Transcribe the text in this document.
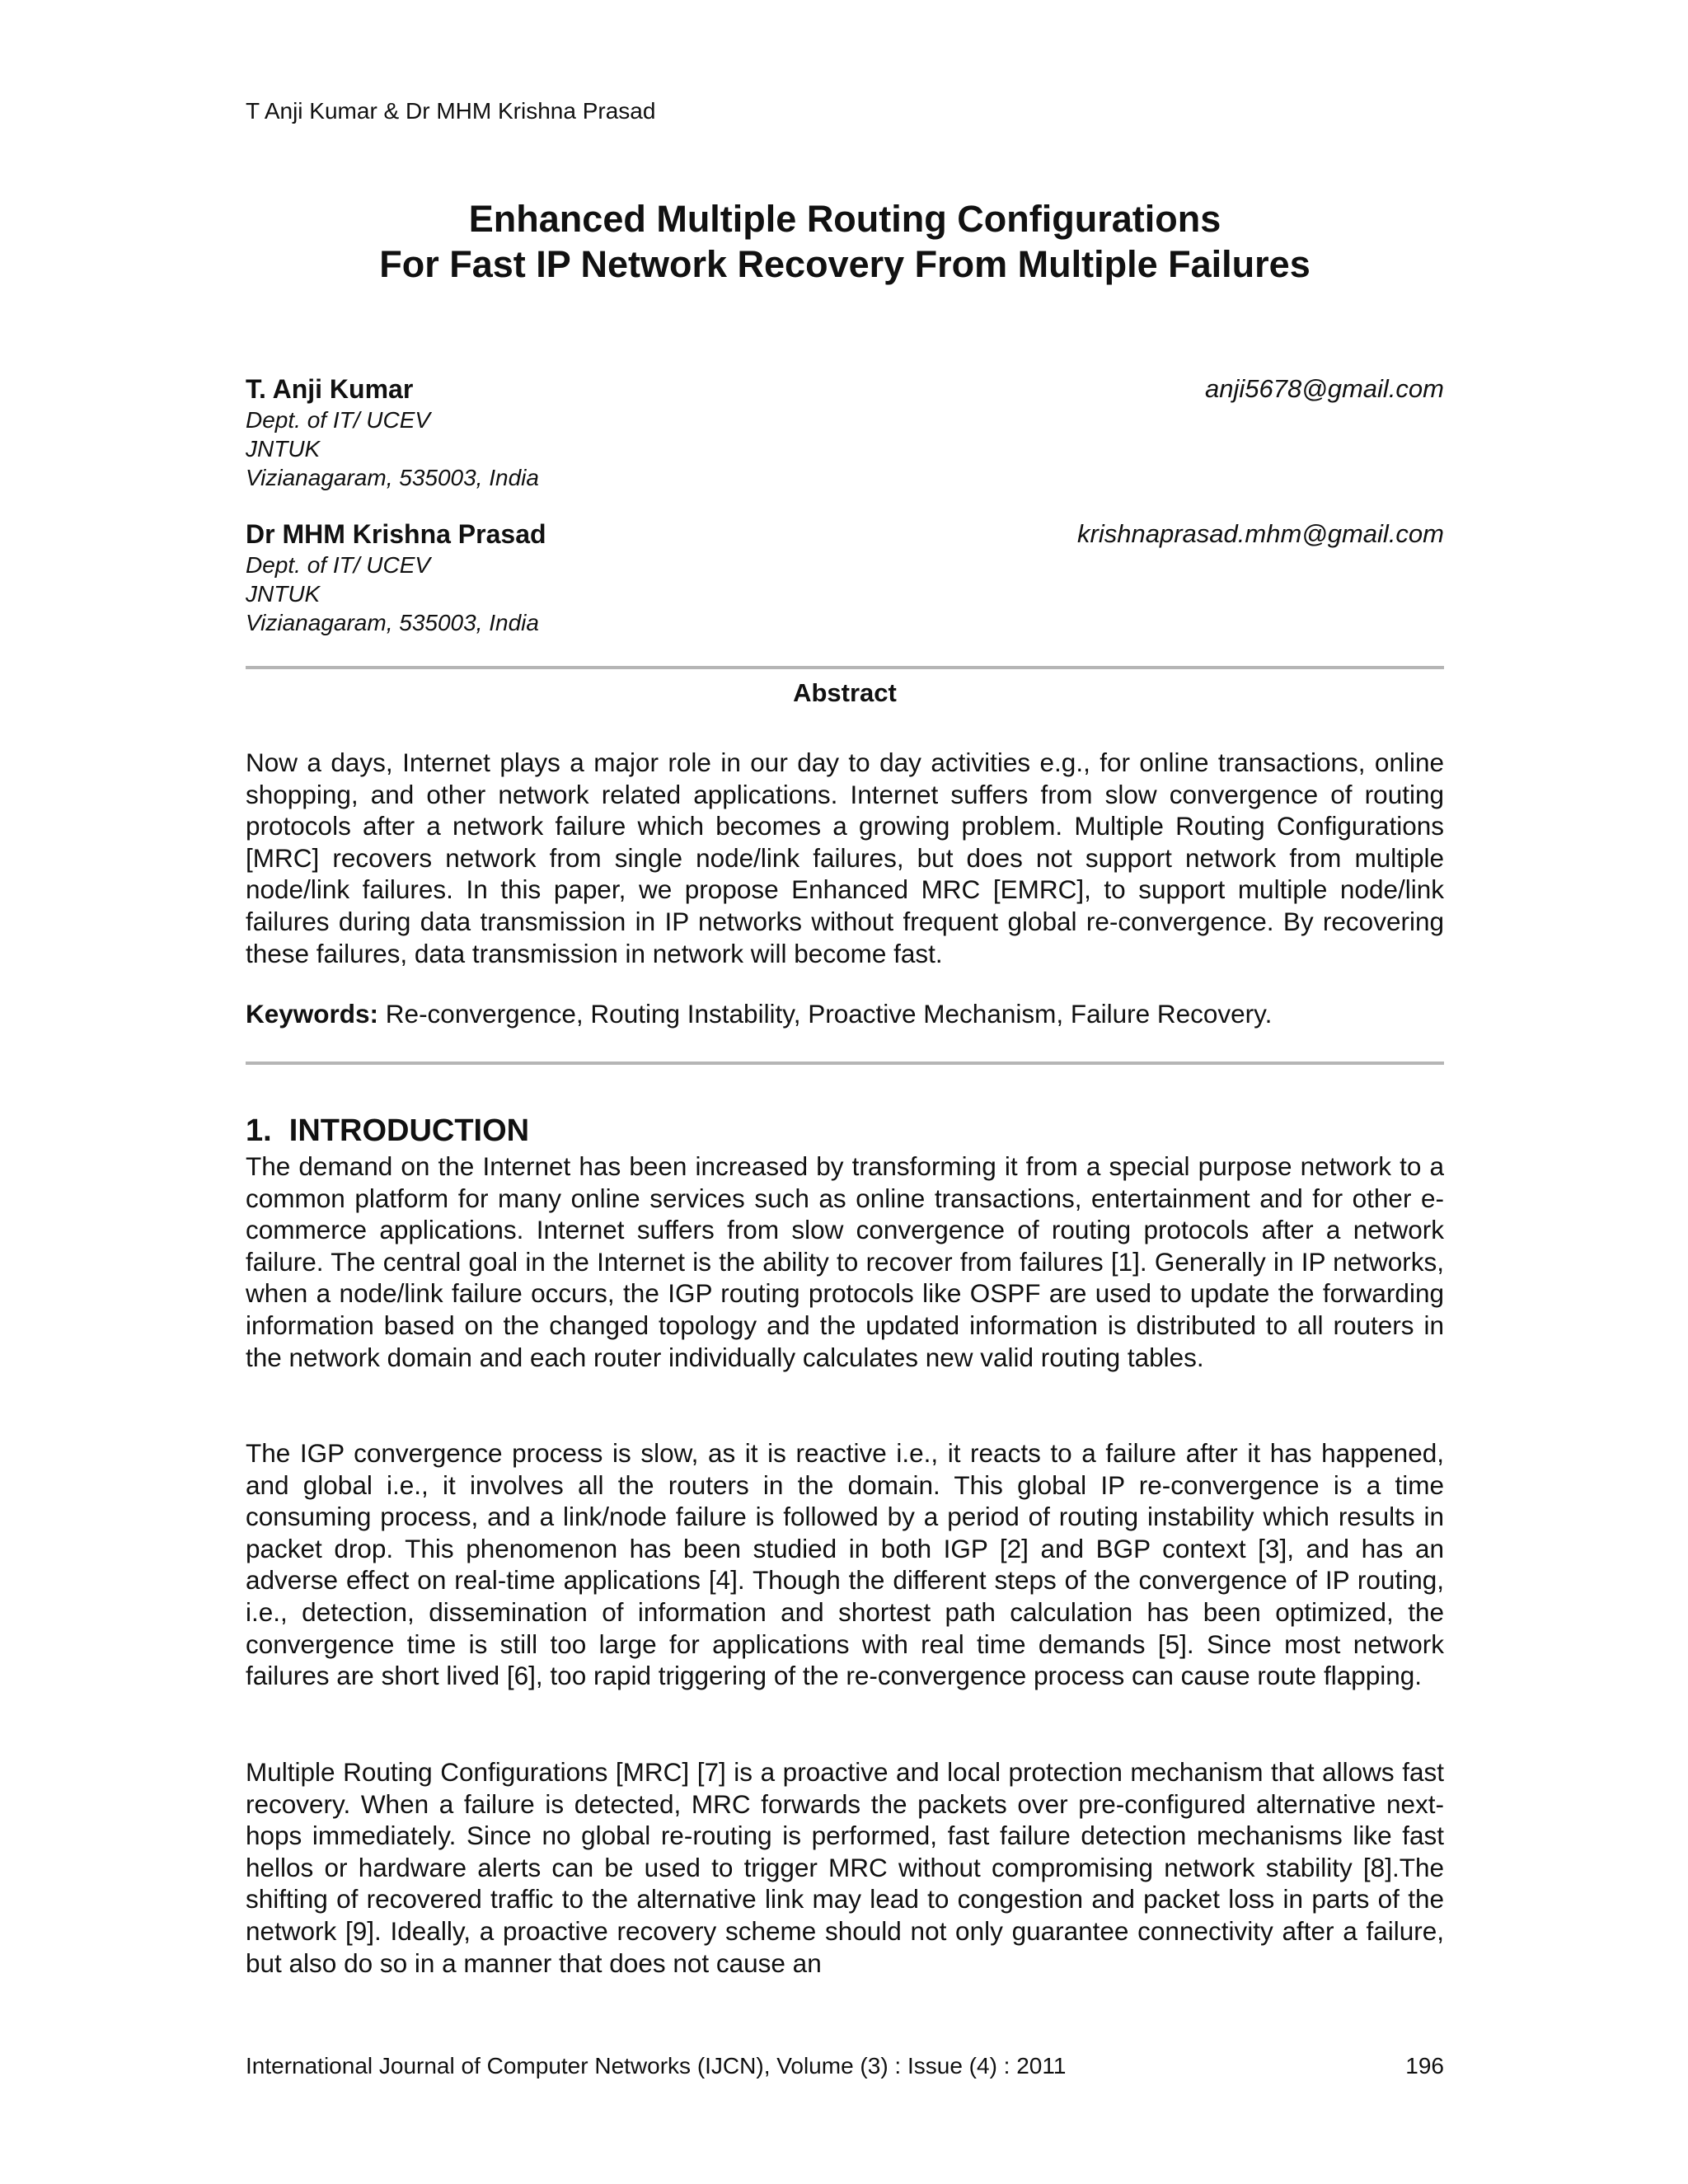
T Anji Kumar & Dr MHM Krishna Prasad
Enhanced Multiple Routing Configurations
For Fast IP Network Recovery From Multiple Failures
T. Anji Kumar	anji5678@gmail.com
Dept. of IT/ UCEV
JNTUK
Vizianagaram, 535003, India
Dr MHM Krishna Prasad	krishnaprasad.mhm@gmail.com
Dept. of IT/ UCEV
JNTUK
Vizianagaram, 535003, India
Abstract

Now a days, Internet plays a major role in our day to day activities e.g., for online transactions, online shopping, and other network related applications. Internet suffers from slow convergence of routing protocols after a network failure which becomes a growing problem. Multiple Routing Configurations [MRC] recovers network from single node/link failures, but does not support network from multiple node/link failures. In this paper, we propose Enhanced MRC [EMRC], to support multiple node/link failures during data transmission in IP networks without frequent global re-convergence. By recovering these failures, data transmission in network will become fast.

Keywords: Re-convergence, Routing Instability, Proactive Mechanism, Failure Recovery.

1.  INTRODUCTION

The demand on the Internet has been increased by transforming it from a special purpose network to a common platform for many online services such as online transactions, entertainment and for other e-commerce applications. Internet suffers from slow convergence of routing protocols after a network failure. The central goal in the Internet is the ability to recover from failures [1]. Generally in IP networks, when a node/link failure occurs, the IGP routing protocols like OSPF are used to update the forwarding information based on the changed topology and the updated information is distributed to all routers in the network domain and each router individually calculates new valid routing tables.

The IGP convergence process is slow, as it is reactive i.e., it reacts to a failure after it has happened, and global i.e., it involves all the routers in the domain. This global IP re-convergence is a time consuming process, and a link/node failure is followed by a period of routing instability which results in packet drop. This phenomenon has been studied in both IGP [2] and BGP context [3], and has an adverse effect on real-time applications [4]. Though the different steps of the convergence of IP routing, i.e., detection, dissemination of information and shortest path calculation has been optimized, the convergence time is still too large for applications with real time demands [5]. Since most network failures are short lived [6], too rapid triggering of the re-convergence process can cause route flapping.

Multiple Routing Configurations [MRC] [7] is a proactive and local protection mechanism that allows fast recovery. When a failure is detected, MRC forwards the packets over pre-configured alternative next-hops immediately. Since no global re-routing is performed, fast failure detection mechanisms like fast hellos or hardware alerts can be used to trigger MRC without compromising network stability [8].The shifting of recovered traffic to the alternative link may lead to congestion and packet loss in parts of the network [9]. Ideally, a proactive recovery scheme should not only guarantee connectivity after a failure, but also do so in a manner that does not cause an

International Journal of Computer Networks (IJCN), Volume (3) : Issue (4) : 2011	196
